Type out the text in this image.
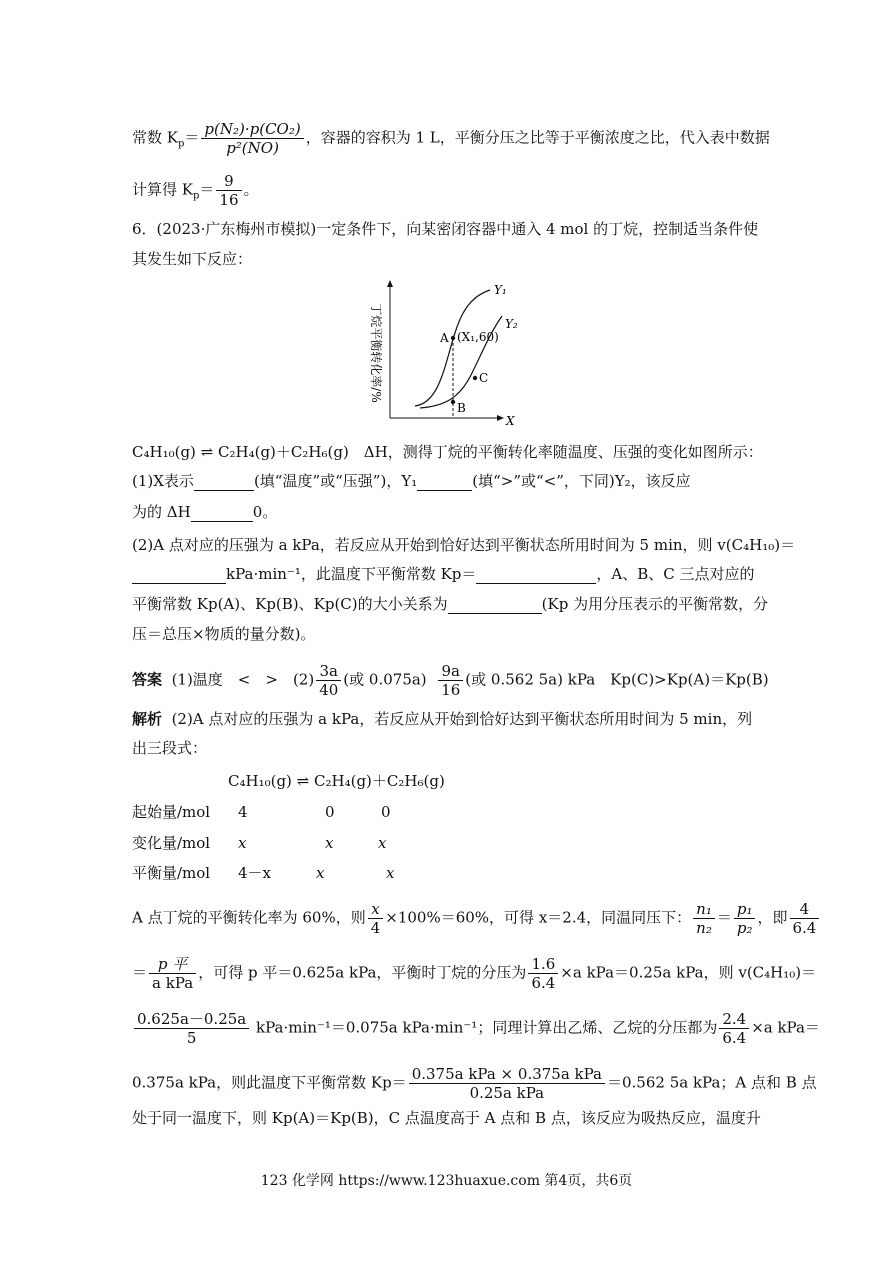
常数 $K_p= \frac{\text{p(N₂)·p(CO₂)}}{\text{p²(NO)}}$ ，容器的容积为 1 L，平衡分压之比等于平衡浓度之比，代入表中数据
计算得 $K_p= \frac{9}{16}$ 。
6．(2023·广东梅州市模拟)一定条件下，向某密闭容器中通入 4 mol 的丁烷，控制适当条件使
其发生如下反应：
丁烷平衡转化率/%
X
Y₁
Y₂
A (X₁,60)
B
C
C₄H₁₀(g) ⇌ C₂H₄(g)＋C₂H₆(g)　ΔH，测得丁烷的平衡转化率随温度、压强的变化如图所示：
(1)X表示	(填“温度”或“压强”)，Y₁	(填“>”或“<”，下同)Y₂，该反应
为的 ΔH	0。
(2)A 点对应的压强为 a kPa，若反应从开始到恰好达到平衡状态所用时间为 5 min，则 v(C₄H₁₀)＝
kPa·min⁻¹，此温度下平衡常数 Kp＝	，A、B、C 三点对应的
平衡常数 Kp(A)、Kp(B)、Kp(C)的大小关系为	(Kp 为用分压表示的平衡常数，分
压＝总压×物质的量分数)。
答案 (1)温度　<　>　$(2) \frac{3a}{40}$ (或 $0.075a) \frac{9a}{16}$ (或 0.562 5a) kPa　Kp(C)>Kp(A)＝Kp(B)
解析 (2)A 点对应的压强为 a kPa，若反应从开始到恰好达到平衡状态所用时间为 5 min，列
出三段式：
C₄H₁₀(g) ⇌ C₂H₄(g)＋C₂H₆(g)
起始量/mol 4	0	0
变化量/mol x	x	x
平衡量/mol 4－x	x	x
A 点丁烷的平衡转化率为 60%，则 $\frac{x}{4} \times 100\%=60\%$，可得 x＝2.4，同温同压下： $\frac{\text{n₁}}{\text{n₂}} = \frac{\text{p₁}}{\text{p₂}}$ ，即 $\frac{4}{6.4}$
＝ $\frac{\text{p 平}}{\text{a kPa}}$ ，可得 p 平＝0.625a kPa，平衡时丁烷的分压为 $\frac{1.6}{6.4} \times a$ kPa＝0.25a kPa，则 v(C₄H₁₀)＝
$\frac{0.625a-0.25a}{5} kPa\cdot\min^{-1}=0.075a$ kPa·min⁻¹；同理计算出乙烯、乙烷的分压都为 $\frac{2.4}{6.4} \times a$ kPa＝
0.375a kPa，则此温度下平衡常数 $Kp= \frac{\text{0.375a kPa × 0.375a kPa}}{\text{0.25a kPa}} =0.562$ 5a kPa；A 点和 B 点
处于同一温度下，则 Kp(A)＝Kp(B)，C 点温度高于 A 点和 B 点，该反应为吸热反应，温度升
123 化学网 https://www.123huaxue.com 第4页，共6页
